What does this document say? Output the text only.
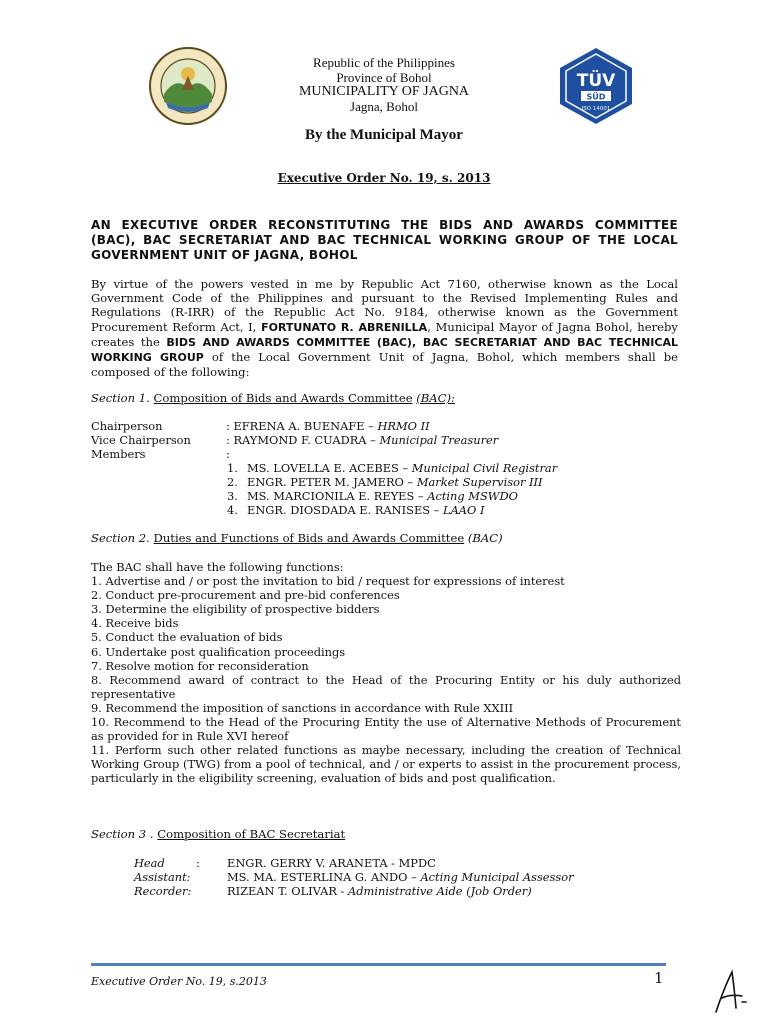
TÜV
SÜD
ISO 14001
Republic of the Philippines
Province of Bohol
MUNICIPALITY OF JAGNA
Jagna, Bohol
By the Municipal Mayor
Executive Order No. 19, s. 2013
AN EXECUTIVE ORDER RECONSTITUTING THE BIDS AND AWARDS COMMITTEE (BAC), BAC SECRETARIAT AND BAC TECHNICAL WORKING GROUP OF THE LOCAL GOVERNMENT UNIT OF JAGNA, BOHOL
By virtue of the powers vested in me by Republic Act 7160, otherwise known as the Local Government Code of the Philippines and pursuant to the Revised Implementing Rules and Regulations (R-IRR) of the Republic Act No. 9184, otherwise known as the Government Procurement Reform Act, I, FORTUNATO R. ABRENILLA, Municipal Mayor of Jagna Bohol, hereby creates the BIDS AND AWARDS COMMITTEE (BAC), BAC SECRETARIAT AND BAC TECHNICAL WORKING GROUP of the Local Government Unit of Jagna, Bohol, which members shall be composed of the following:
Section 1. Composition of Bids and Awards Committee (BAC):
Chairperson	: EFRENA A. BUENAFE – HRMO II
Vice Chairperson	: RAYMOND F. CUADRA – Municipal Treasurer
Members	:
1. MS. LOVELLA E. ACEBES – Municipal Civil Registrar
2. ENGR. PETER M. JAMERO – Market Supervisor III
3. MS. MARCIONILA E. REYES – Acting MSWDO
4. ENGR. DIOSDADA E. RANISES – LAAO I
Section 2. Duties and Functions of Bids and Awards Committee (BAC)
The BAC shall have the following functions:
1. Advertise and / or post the invitation to bid / request for expressions of interest
2. Conduct pre-procurement and pre-bid conferences
3. Determine the eligibility of prospective bidders
4. Receive bids
5. Conduct the evaluation of bids
6. Undertake post qualification proceedings
7. Resolve motion for reconsideration
8. Recommend award of contract to the Head of the Procuring Entity or his duly authorized representative
9. Recommend the imposition of sanctions in accordance with Rule XXIII
10. Recommend to the Head of the Procuring Entity the use of Alternative Methods of Procurement as provided for in Rule XVI hereof
11. Perform such other related functions as maybe necessary, including the creation of Technical Working Group (TWG) from a pool of technical, and / or experts to assist in the procurement process, particularly in the eligibility screening, evaluation of bids and post qualification.
Section 3 . Composition of BAC Secretariat
Head	: ENGR. GERRY V. ARANETA - MPDC
Assistant:	MS. MA. ESTERLINA G. ANDO – Acting Municipal Assessor
Recorder:	RIZEAN T. OLIVAR - Administrative Aide (Job Order)
Executive Order No. 19, s.2013	1
